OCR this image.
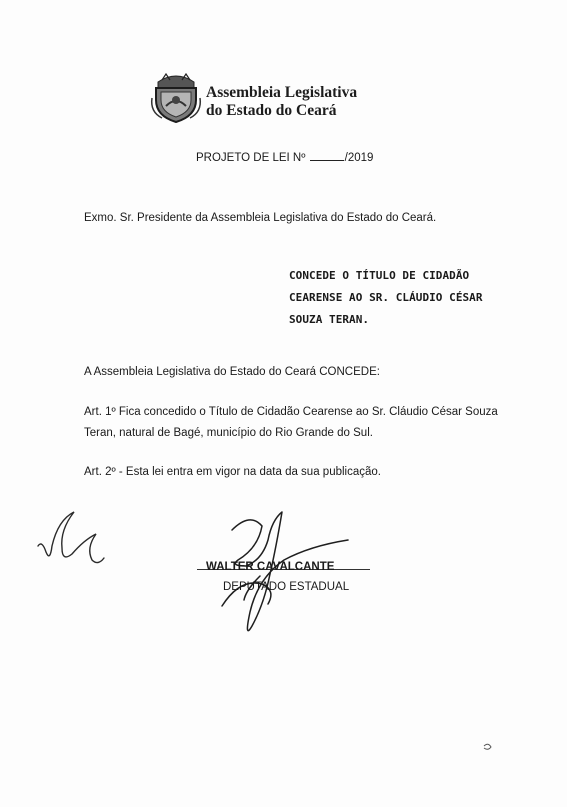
Assembleia Legislativa
do Estado do Ceará
PROJETO DE LEI Nº	/2019
Exmo. Sr. Presidente da Assembleia Legislativa do Estado do Ceará.
CONCEDE O TÍTULO DE CIDADÃO
CEARENSE AO SR. CLÁUDIO CÉSAR
SOUZA TERAN.
A Assembleia Legislativa do Estado do Ceará CONCEDE:
Art. 1º Fica concedido o Título de Cidadão Cearense ao Sr. Cláudio César Souza
Teran, natural de Bagé, município do Rio Grande do Sul.
Art. 2º - Esta lei entra em vigor na data da sua publicação.
WALTER CAVALCANTE
DEPUTADO ESTADUAL
